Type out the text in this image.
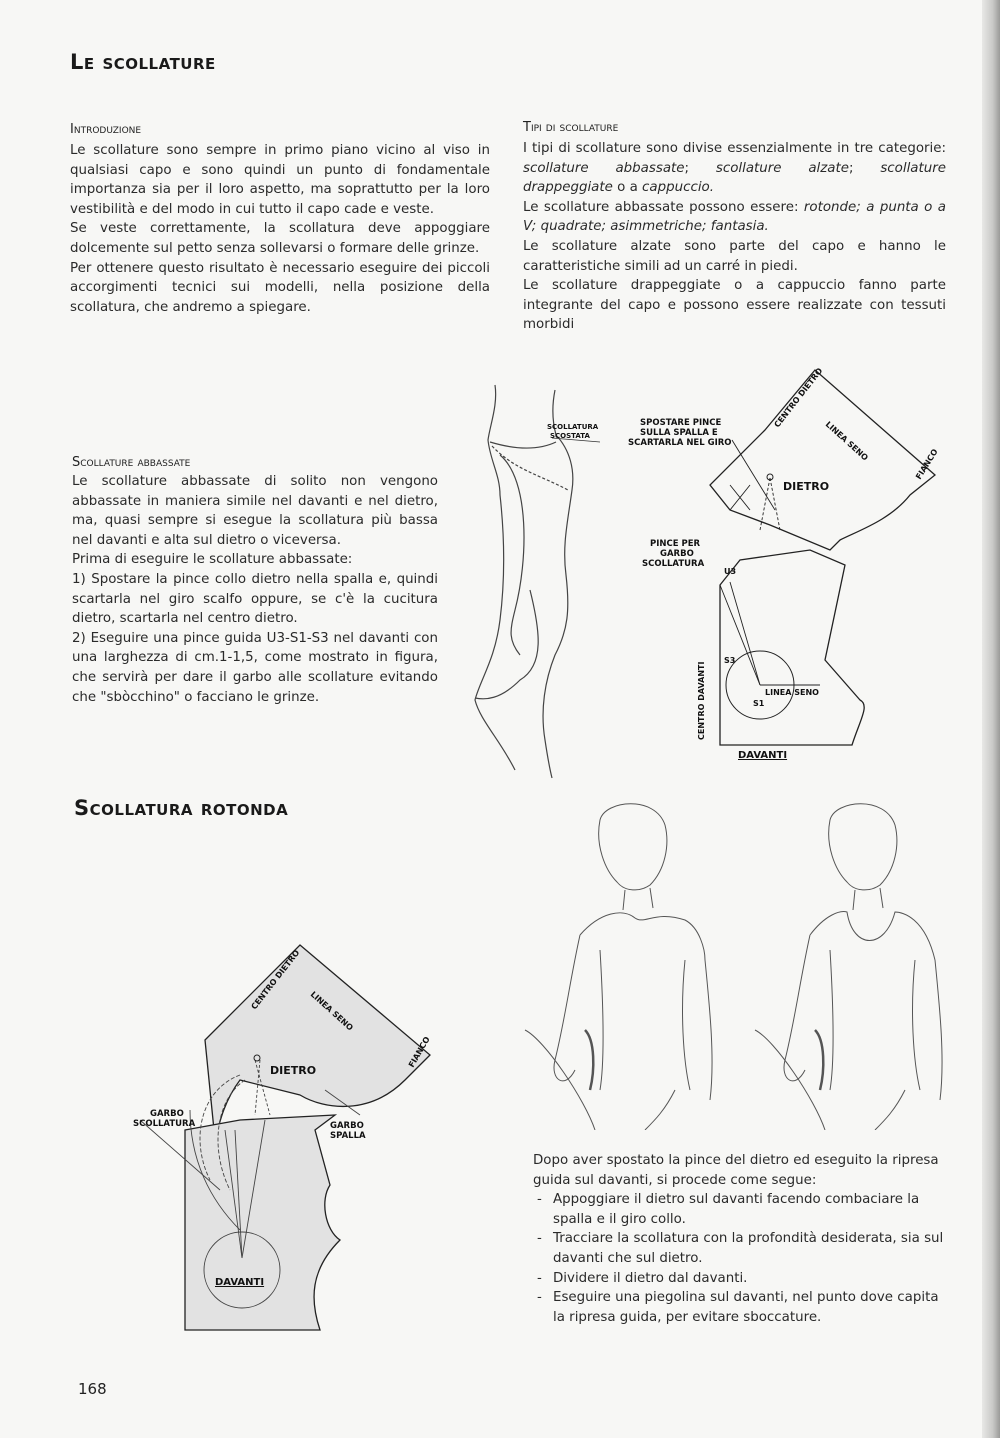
Le scollature
Introduzione

Le scollature sono sempre in primo piano vicino al viso in qualsiasi capo e sono quindi un punto di fondamentale importanza sia per il loro aspetto, ma soprattutto per la loro vestibilità e del modo in cui tutto il capo cade e veste.

Se veste correttamente, la scollatura deve appoggiare dolcemente sul petto senza sollevarsi o formare delle grinze.

Per ottenere questo risultato è necessario eseguire dei piccoli accorgimenti tecnici sui modelli, nella posizione della scollatura, che andremo a spiegare.

Tipi di scollature

I tipi di scollature sono divise essenzialmente in tre categorie: scollature abbassate; scollature alzate; scollature drappeggiate o a cappuccio.

Le scollature abbassate possono essere: rotonde; a punta o a V; quadrate; asimmetriche; fantasia.

Le scollature alzate sono parte del capo e hanno le caratteristiche simili ad un carré in piedi.

Le scollature drappeggiate o a cappuccio fanno parte integrante del capo e possono essere realizzate con tessuti morbidi

Scollature abbassate

Le scollature abbassate di solito non vengono abbassate in maniera simile nel davanti e nel dietro, ma, quasi sempre si esegue la scollatura più bassa nel davanti e alta sul dietro o viceversa.

Prima di eseguire le scollature abbassate:

1) Spostare la pince collo dietro nella spalla e, quindi scartarla nel giro scalfo oppure, se c'è la cucitura dietro, scartarla nel centro dietro.

2) Eseguire una pince guida U3-S1-S3 nel davanti con una larghezza di cm.1-1,5, come mostrato in figura, che servirà per dare il garbo alle scollature evitando che "sbòcchino" o facciano le grinze.

SCOLLATURA
SCOSTATA
SPOSTARE PINCE
SULLA SPALLA E
SCARTARLA NEL GIRO
CENTRO DIETRO
LINEA SENO
FIANCO
DIETRO
PINCE PER
GARBO
SCOLLATURA
U3
S3
S1
CENTRO DAVANTI	LINEA SENO
DAVANTI
Scollatura rotonda
CENTRO DIETRO LINEA SENO
FIANCO
DIETRO
GARBO
SCOLLATURA	GARBO
SPALLA
DAVANTI

Dopo aver spostato la pince del dietro ed eseguito la ripresa guida sul davanti, si procede come segue:

- Appoggiare il dietro sul davanti facendo combaciare la spalla e il giro collo.
- Tracciare la scollatura con la profondità desiderata, sia sul davanti che sul dietro.
- Dividere il dietro dal davanti.
- Eseguire una piegolina sul davanti, nel punto dove capita la ripresa guida, per evitare sboccature.
168
